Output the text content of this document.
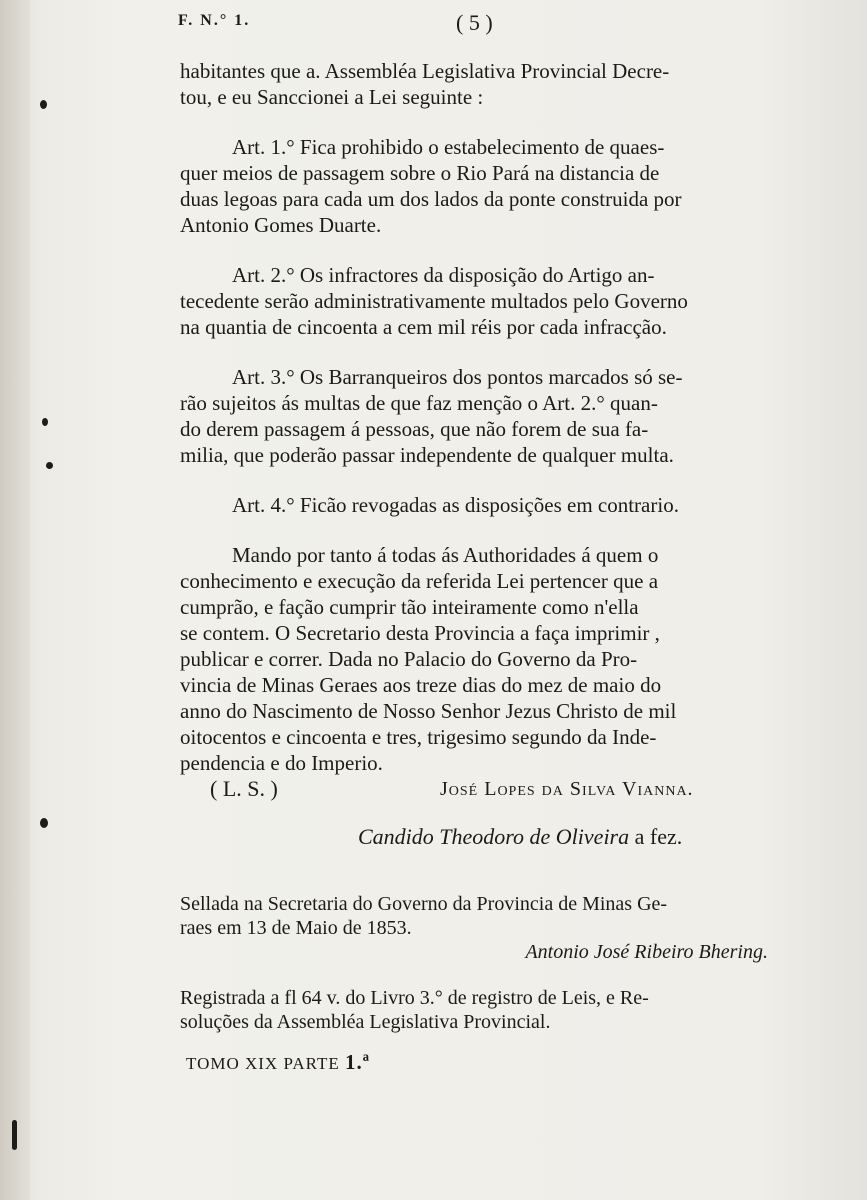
F. N.° 1.	( 5 )

habitantes que a. Assembléa Legislativa Provincial Decre-

tou, e eu Sanccionei a Lei seguinte :

Art. 1.° Fica prohibido o estabelecimento de quaes-

quer meios de passagem sobre o Rio Pará na distancia de

duas legoas para cada um dos lados da ponte construida por

Antonio Gomes Duarte.

Art. 2.° Os infractores da disposição do Artigo an-

tecedente serão administrativamente multados pelo Governo

na quantia de cincoenta a cem mil réis por cada infracção.

Art. 3.° Os Barranqueiros dos pontos marcados só se-

rão sujeitos ás multas de que faz menção o Art. 2.° quan-

do derem passagem á pessoas, que não forem de sua fa-

milia, que poderão passar independente de qualquer multa.

Art. 4.° Ficão revogadas as disposições em contrario.

Mando por tanto á todas ás Authoridades á quem o

conhecimento e execução da referida Lei pertencer que a

cumprão, e fação cumprir tão inteiramente como n'ella

se contem. O Secretario desta Provincia a faça imprimir ,

publicar e correr. Dada no Palacio do Governo da Pro-

vincia de Minas Geraes aos treze dias do mez de maio do

anno do Nascimento de Nosso Senhor Jezus Christo de mil

oitocentos e cincoenta e tres, trigesimo segundo da Inde-

pendencia e do Imperio.

( L. S. )	José Lopes da Silva Vianna.
Candido Theodoro de Oliveira a fez.

Sellada na Secretaria do Governo da Provincia de Minas Ge-

raes em 13 de Maio de 1853.

Antonio José Ribeiro Bhering.

Registrada a fl 64 v. do Livro 3.° de registro de Leis, e Re-

soluções da Assembléa Legislativa Provincial.

TOMO XIX PARTE 1.ª
